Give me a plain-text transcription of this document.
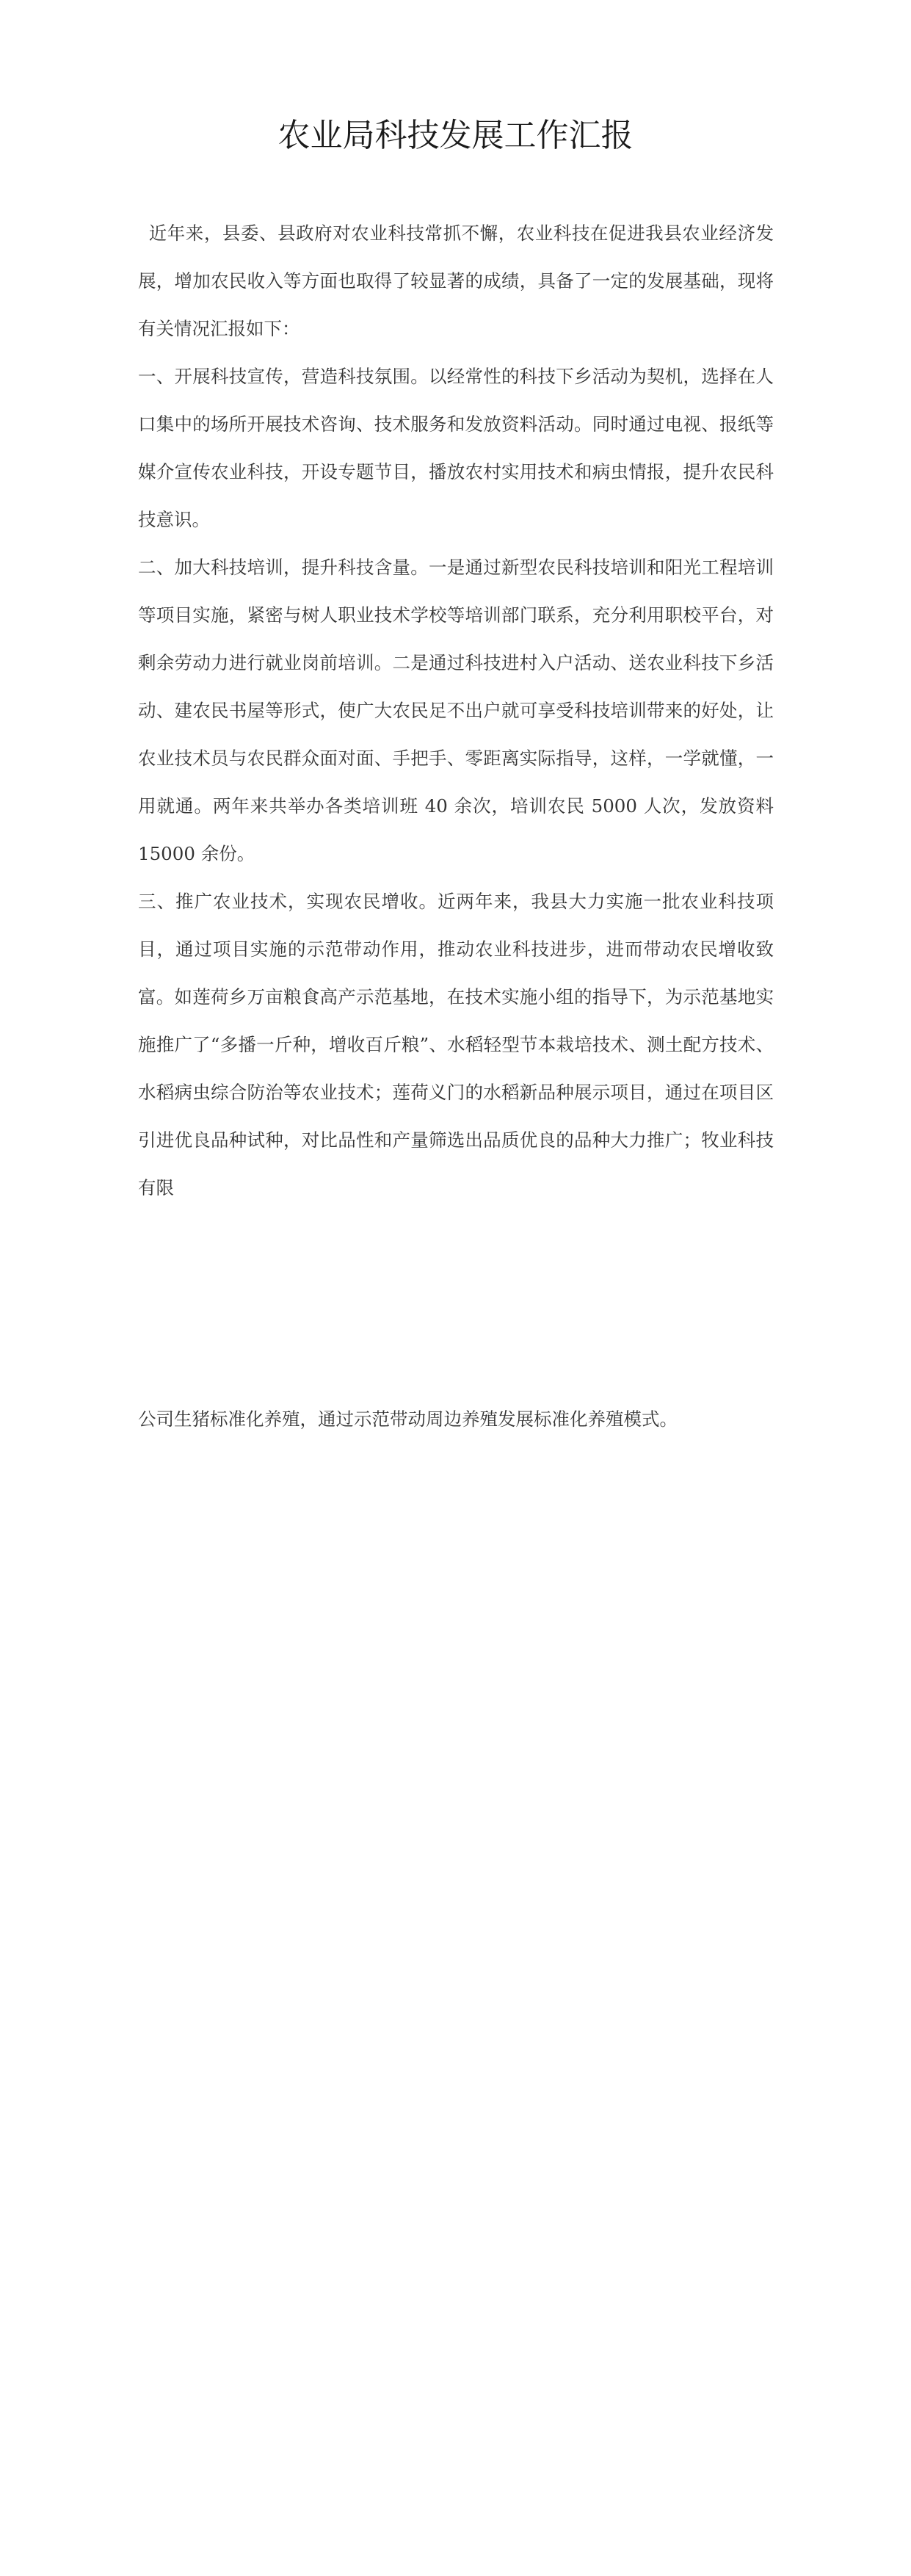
农业局科技发展工作汇报

近年来，县委、县政府对农业科技常抓不懈，农业科技在促进我县农业经济发展，增加农民收入等方面也取得了较显著的成绩，具备了一定的发展基础，现将有关情况汇报如下：

一、开展科技宣传，营造科技氛围。以经常性的科技下乡活动为契机，选择在人口集中的场所开展技术咨询、技术服务和发放资料活动。同时通过电视、报纸等媒介宣传农业科技，开设专题节目，播放农村实用技术和病虫情报，提升农民科技意识。

二、加大科技培训，提升科技含量。一是通过新型农民科技培训和阳光工程培训等项目实施，紧密与树人职业技术学校等培训部门联系，充分利用职校平台，对剩余劳动力进行就业岗前培训。二是通过科技进村入户活动、送农业科技下乡活动、建农民书屋等形式，使广大农民足不出户就可享受科技培训带来的好处，让农业技术员与农民群众面对面、手把手、零距离实际指导，这样，一学就懂，一用就通。两年来共举办各类培训班 40 余次，培训农民 5000 人次，发放资料 15000 余份。

三、推广农业技术，实现农民增收。近两年来，我县大力实施一批农业科技项目，通过项目实施的示范带动作用，推动农业科技进步，进而带动农民增收致富。如莲荷乡万亩粮食高产示范基地，在技术实施小组的指导下，为示范基地实施推广了“多播一斤种，增收百斤粮”、水稻轻型节本栽培技术、测土配方技术、水稻病虫综合防治等农业技术；莲荷义门的水稻新品种展示项目，通过在项目区引进优良品种试种，对比品性和产量筛选出品质优良的品种大力推广；牧业科技有限

公司生猪标准化养殖，通过示范带动周边养殖发展标准化养殖模式。
